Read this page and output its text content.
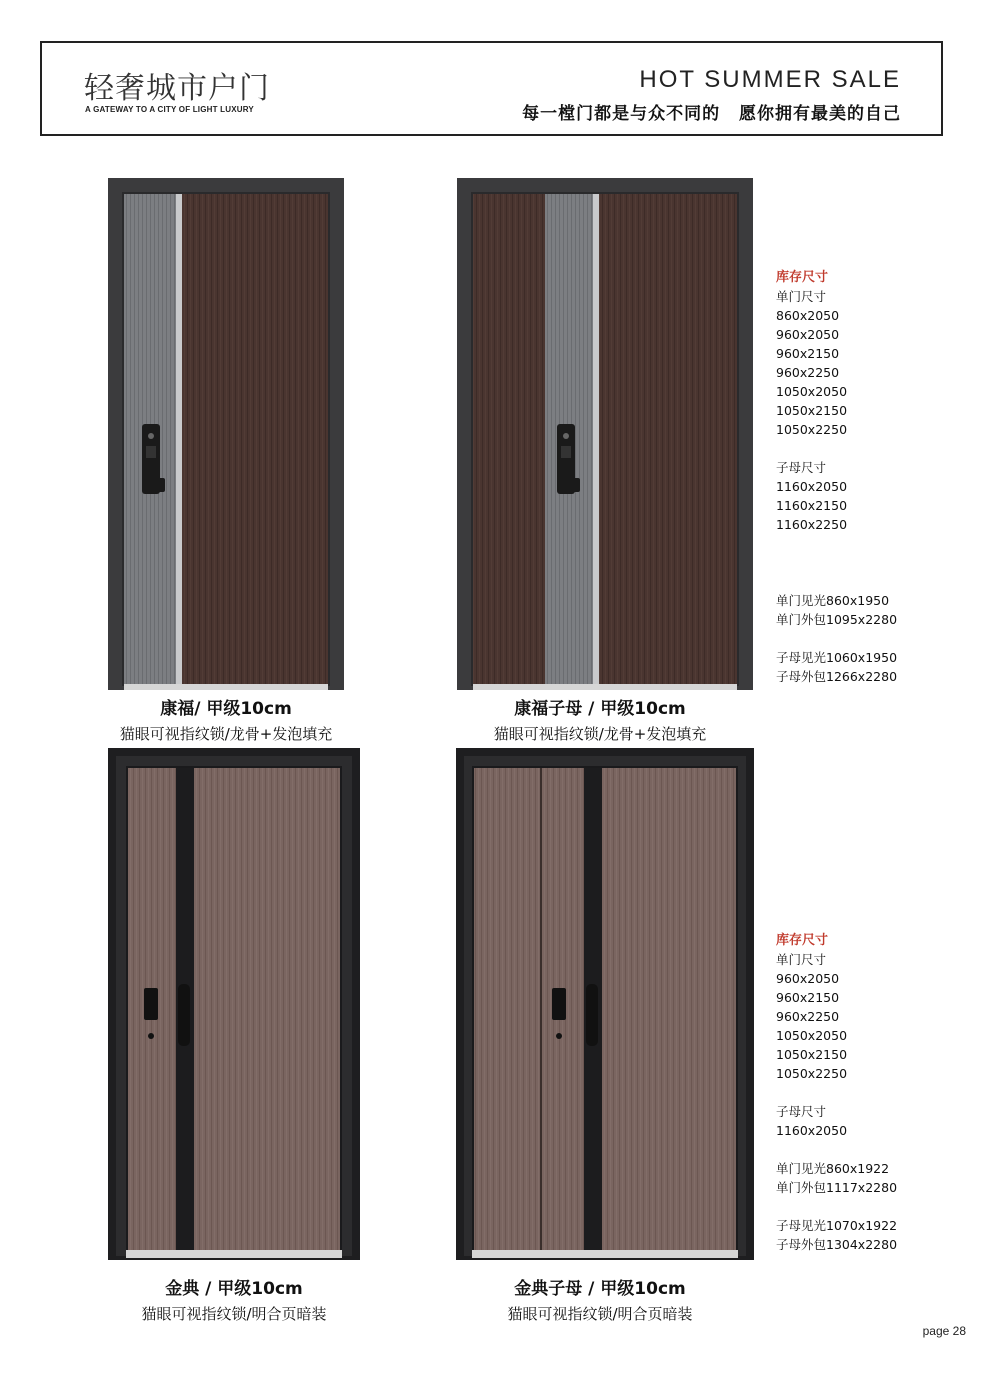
轻奢城市户门
A GATEWAY TO A CITY OF LIGHT LUXURY
HOT SUMMER SALE
每一樘门都是与众不同的 愿你拥有最美的自己
康福/ 甲级10cm
猫眼可视指纹锁/龙骨+发泡填充
康福子母 / 甲级10cm
猫眼可视指纹锁/龙骨+发泡填充
库存尺寸
单门尺寸
860x2050
960x2050
960x2150
960x2250
1050x2050
1050x2150
1050x2250
子母尺寸
1160x2050
1160x2150
1160x2250
单门见光860x1950
单门外包1095x2280
子母见光1060x1950
子母外包1266x2280
金典 / 甲级10cm
猫眼可视指纹锁/明合页暗装
金典子母 / 甲级10cm
猫眼可视指纹锁/明合页暗装
库存尺寸
单门尺寸
960x2050
960x2150
960x2250
1050x2050
1050x2150
1050x2250
子母尺寸
1160x2050
单门见光860x1922
单门外包1117x2280
子母见光1070x1922
子母外包1304x2280
page 28
